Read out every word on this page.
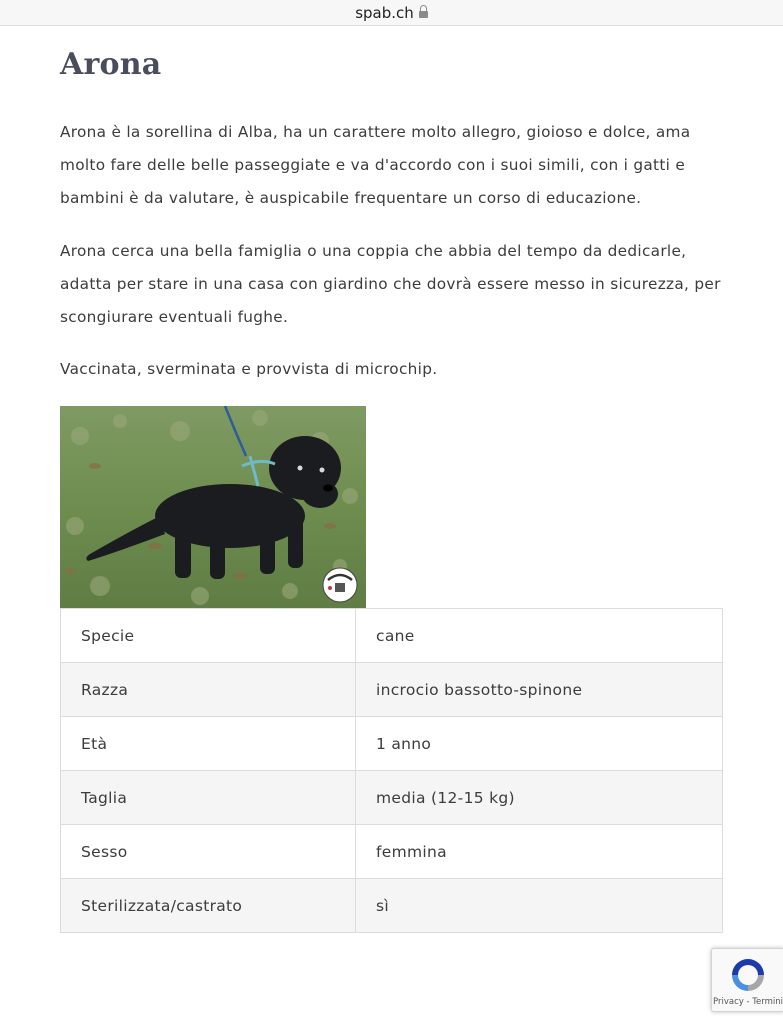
spab.ch
Arona

Arona è la sorellina di Alba, ha un carattere molto allegro, gioioso e dolce, ama molto fare delle belle passeggiate e va d'accordo con i suoi simili, con i gatti e bambini è da valutare, è auspicabile frequentare un corso di educazione.

Arona cerca una bella famiglia o una coppia che abbia del tempo da dedicarle, adatta per stare in una casa con giardino che dovrà essere messo in sicurezza, per scongiurare eventuali fughe.

Vaccinata, sverminata e provvista di microchip.

Specie	cane
Razza	incrocio bassotto-spinone
Età	1 anno
Taglia	media (12-15 kg)
Sesso	femmina
Sterilizzata/castrato	sì
Privacy - Termini
